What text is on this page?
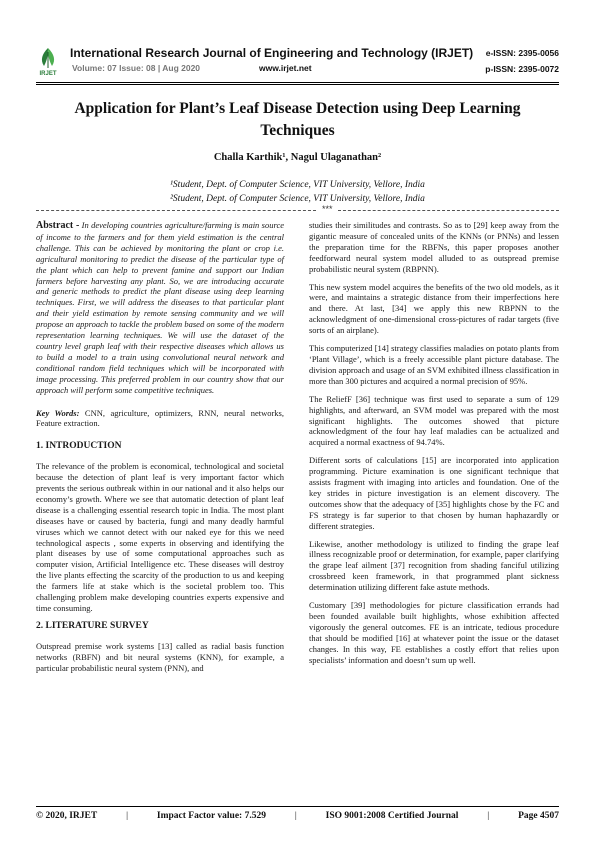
IRJET
International Research Journal of Engineering and Technology (IRJET)
Volume: 07 Issue: 08 | Aug 2020	www.irjet.net
e-ISSN: 2395-0056
p-ISSN: 2395-0072
Application for Plant’s Leaf Disease Detection using Deep Learning Techniques
Challa Karthik¹, Nagul Ulaganathan²
¹Student, Dept. of Computer Science, VIT University, Vellore, India
²Student, Dept. of Computer Science, VIT University, Vellore, India
***

Abstract - In developing countries agriculture/farming is main source of income to the farmers and for them yield estimation is the central challenge. This can be achieved by monitoring the plant or crop i.e. agricultural monitoring to predict the disease of the particular type of the plant which can help to prevent famine and support our Indian farmers before harvesting any plant. So, we are introducing accurate and generic methods to predict the plant disease using deep learning techniques. First, we will address the diseases to that particular plant and their yield estimation by remote sensing community and we will propose an approach to tackle the problem based on some of the modern representation learning techniques. We will use the dataset of the country level graph leaf with their respective diseases which allows us to build a model to a train using convolutional neural network and conditional random field techniques which will be incorporated with image processing. This preferred problem in our country show that our approach will perform some competitive techniques.

Key Words: CNN, agriculture, optimizers, RNN, neural networks, Feature extraction.

1. INTRODUCTION

The relevance of the problem is economical, technological and societal because the detection of plant leaf is very important factor which prevents the serious outbreak within in our national and it also helps our economy’s growth. Where we see that automatic detection of plant leaf disease is a challenging essential research topic in India. The most plant diseases have or caused by bacteria, fungi and many deadly harmful viruses which we cannot detect with our naked eye for this we need technological aspects , some experts in observing and identifying the plant diseases by use of some computational approaches such as computer vision, Artificial Intelligence etc. These diseases will destroy the live plants effecting the scarcity of the production to us and keeping the farmers life at stake which is the societal problem too. This challenging problem make developing countries experts expensive and time consuming.

2. LITERATURE SURVEY

Outspread premise work systems [13] called as radial basis function networks (RBFN) and bit neural systems (KNN), for example, a particular probabilistic neural system (PNN), and

studies their similitudes and contrasts. So as to [29] keep away from the gigantic measure of concealed units of the KNNs (or PNNs) and lessen the preparation time for the RBFNs, this paper proposes another feedforward neural system model alluded to as outspread premise probabilistic neural system (RBPNN).

This new system model acquires the benefits of the two old models, as it were, and maintains a strategic distance from their imperfections here and there. At last, [34] we apply this new RBPNN to the acknowledgment of one-dimensional cross-pictures of radar targets (five sorts of an airplane).

This computerized [14] strategy classifies maladies on potato plants from ‘Plant Village’, which is a freely accessible plant picture database. The division approach and usage of an SVM exhibited illness classification in more than 300 pictures and acquired a normal precision of 95%.

The ReliefF [36] technique was first used to separate a sum of 129 highlights, and afterward, an SVM model was prepared with the most significant highlights. The outcomes showed that picture acknowledgment of the four hay leaf maladies can be actualized and acquired a normal exactness of 94.74%.

Different sorts of calculations [15] are incorporated into application programming. Picture examination is one significant technique that assists fragment with imaging into articles and foundation. One of the key strides in picture investigation is an element discovery. The outcomes show that the adequacy of [35] highlights chose by the FC and FS strategy is far superior to that chosen by human haphazardly or different strategies.

Likewise, another methodology is utilized to finding the grape leaf illness recognizable proof or determination, for example, paper clarifying the grape leaf ailment [37] recognition from shading fanciful utilizing crossbreed keen framework, in that programmed plant sickness determination utilizing different fake astute methods.

Customary [39] methodologies for picture classification errands had been founded available built highlights, whose exhibition affected vigorously the general outcomes. FE is an intricate, tedious procedure that should be modified [16] at whatever point the issue or the dataset changes. In this way, FE establishes a costly effort that relies upon specialists’ information and doesn’t sum up well.

© 2020, IRJET	|	Impact Factor value: 7.529	|	ISO 9001:2008 Certified Journal	|	Page 4507
